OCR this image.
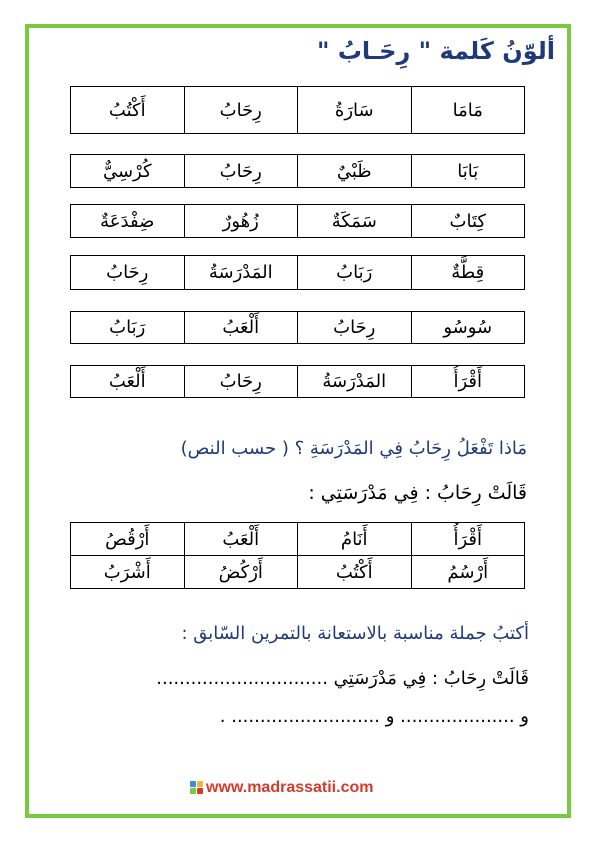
ألوّنُ كَلمة " رِحَـابُ "
مَامَا	سَارَةُ	رِحَابُ	أَكْتُبُ
بَابَا	ظَبْيٌ	رِحَابُ	كُرْسِيٌّ
كِتَابٌ	سَمَكَةٌ	زُهُورٌ	ضِفْدَعَةٌ
قِطَّةٌ	رَبَابُ	المَدْرَسَةُ	رِحَابُ
سُوسُو	رِحَابُ	أَلْعَبُ	رَبَابُ
أَقْرَأُ	المَدْرَسَةُ	رِحَابُ	أَلْعَبُ
مَاذا تَفْعَلُ رِحَابُ فِي المَدْرَسَةِ ؟ ( حسب النص)
قَالَتْ رِحَابُ : فِي مَدْرَسَتِي :
أَقْرَأُ	أَنَامُ	أَلْعَبُ	أَرْقُصُ
أَرْسُمُ	أَكْتُبُ	أَرْكُضُ	أَشْرَبُ
أكتبُ جملة مناسبة بالاستعانة بالتمرين السّابق :
قَالَتْ رِحَابُ : فِي مَدْرَسَتِي ..............................
و .................... و .......................... .
www.madrassatii.com
